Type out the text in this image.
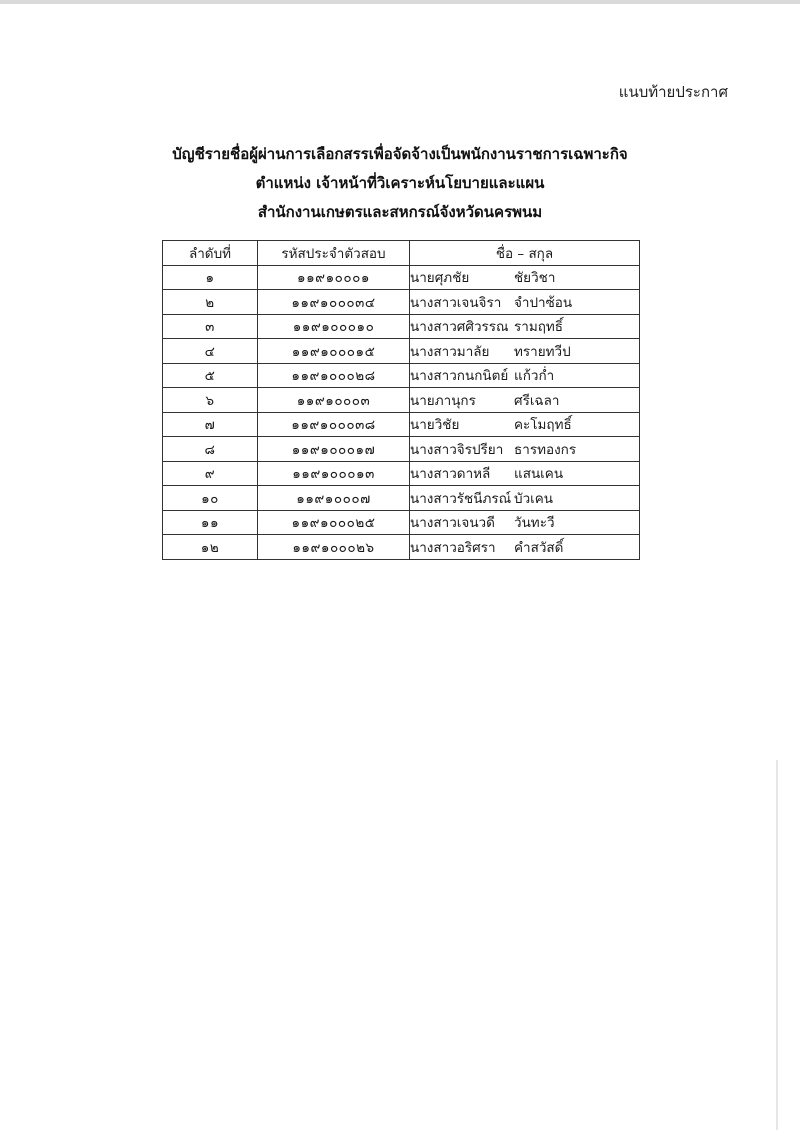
แนบท้ายประกาศ
บัญชีรายชื่อผู้ผ่านการเลือกสรรเพื่อจัดจ้างเป็นพนักงานราชการเฉพาะกิจ
ตำแหน่ง เจ้าหน้าที่วิเคราะห์นโยบายและแผน
สำนักงานเกษตรและสหกรณ์จังหวัดนครพนม
ลำดับที่	รหัสประจำตัวสอบ	ชื่อ – สกุล
๑	๑๑๙๑๐๐๐๑	นายศุภชัย ชัยวิชา
๒	๑๑๙๑๐๐๐๓๔	นางสาวเจนจิรา จำปาซ้อน
๓	๑๑๙๑๐๐๐๑๐	นางสาวศศิวรรณ รามฤทธิ์
๔	๑๑๙๑๐๐๐๑๕	นางสาวมาลัย ทรายทวีป
๕	๑๑๙๑๐๐๐๒๘	นางสาวกนกนิตย์ แก้วก่ำ
๖	๑๑๙๑๐๐๐๓	นายภานุกร ศรีเฉลา
๗	๑๑๙๑๐๐๐๓๘	นายวิชัย คะโมฤทธิ์
๘	๑๑๙๑๐๐๐๑๗	นางสาวจิรปรียา ธารทองกร
๙	๑๑๙๑๐๐๐๑๓	นางสาวดาหลี แสนเคน
๑๐	๑๑๙๑๐๐๐๗	นางสาวรัชนีภรณ์ บัวเคน
๑๑	๑๑๙๑๐๐๐๒๕	นางสาวเจนวดี วันทะวี
๑๒	๑๑๙๑๐๐๐๒๖	นางสาวอริศรา คำสวัสดิ์
